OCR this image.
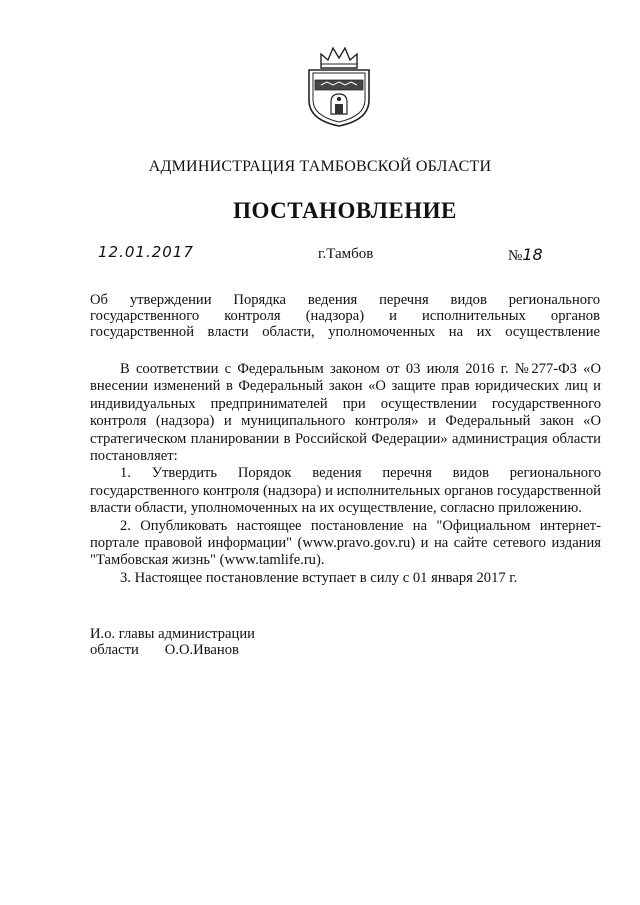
АДМИНИСТРАЦИЯ ТАМБОВСКОЙ ОБЛАСТИ
ПОСТАНОВЛЕНИЕ
12.01.2017	г.Тамбов	№18
Об утверждении Порядка ведения перечня видов регионального государственного контроля (надзора) и исполнительных органов государственной власти области, уполномоченных на их осуществление

В соответствии с Федеральным законом от 03 июля 2016 г. №277-ФЗ «О внесении изменений в Федеральный закон «О защите прав юридических лиц и индивидуальных предпринимателей при осуществлении государственного контроля (надзора) и муниципального контроля» и Федеральный закон «О стратегическом планировании в Российской Федерации» администрация области постановляет:

1. Утвердить Порядок ведения перечня видов регионального государственного контроля (надзора) и исполнительных органов государственной власти области, уполномоченных на их осуществление, согласно приложению.

2. Опубликовать настоящее постановление на "Официальном интернет-портале правовой информации" (www.pravo.gov.ru) и на сайте сетевого издания "Тамбовская жизнь" (www.tamlife.ru).

3. Настоящее постановление вступает в силу с 01 января 2017 г.

И.о. главы администрации
области О.О.Иванов
